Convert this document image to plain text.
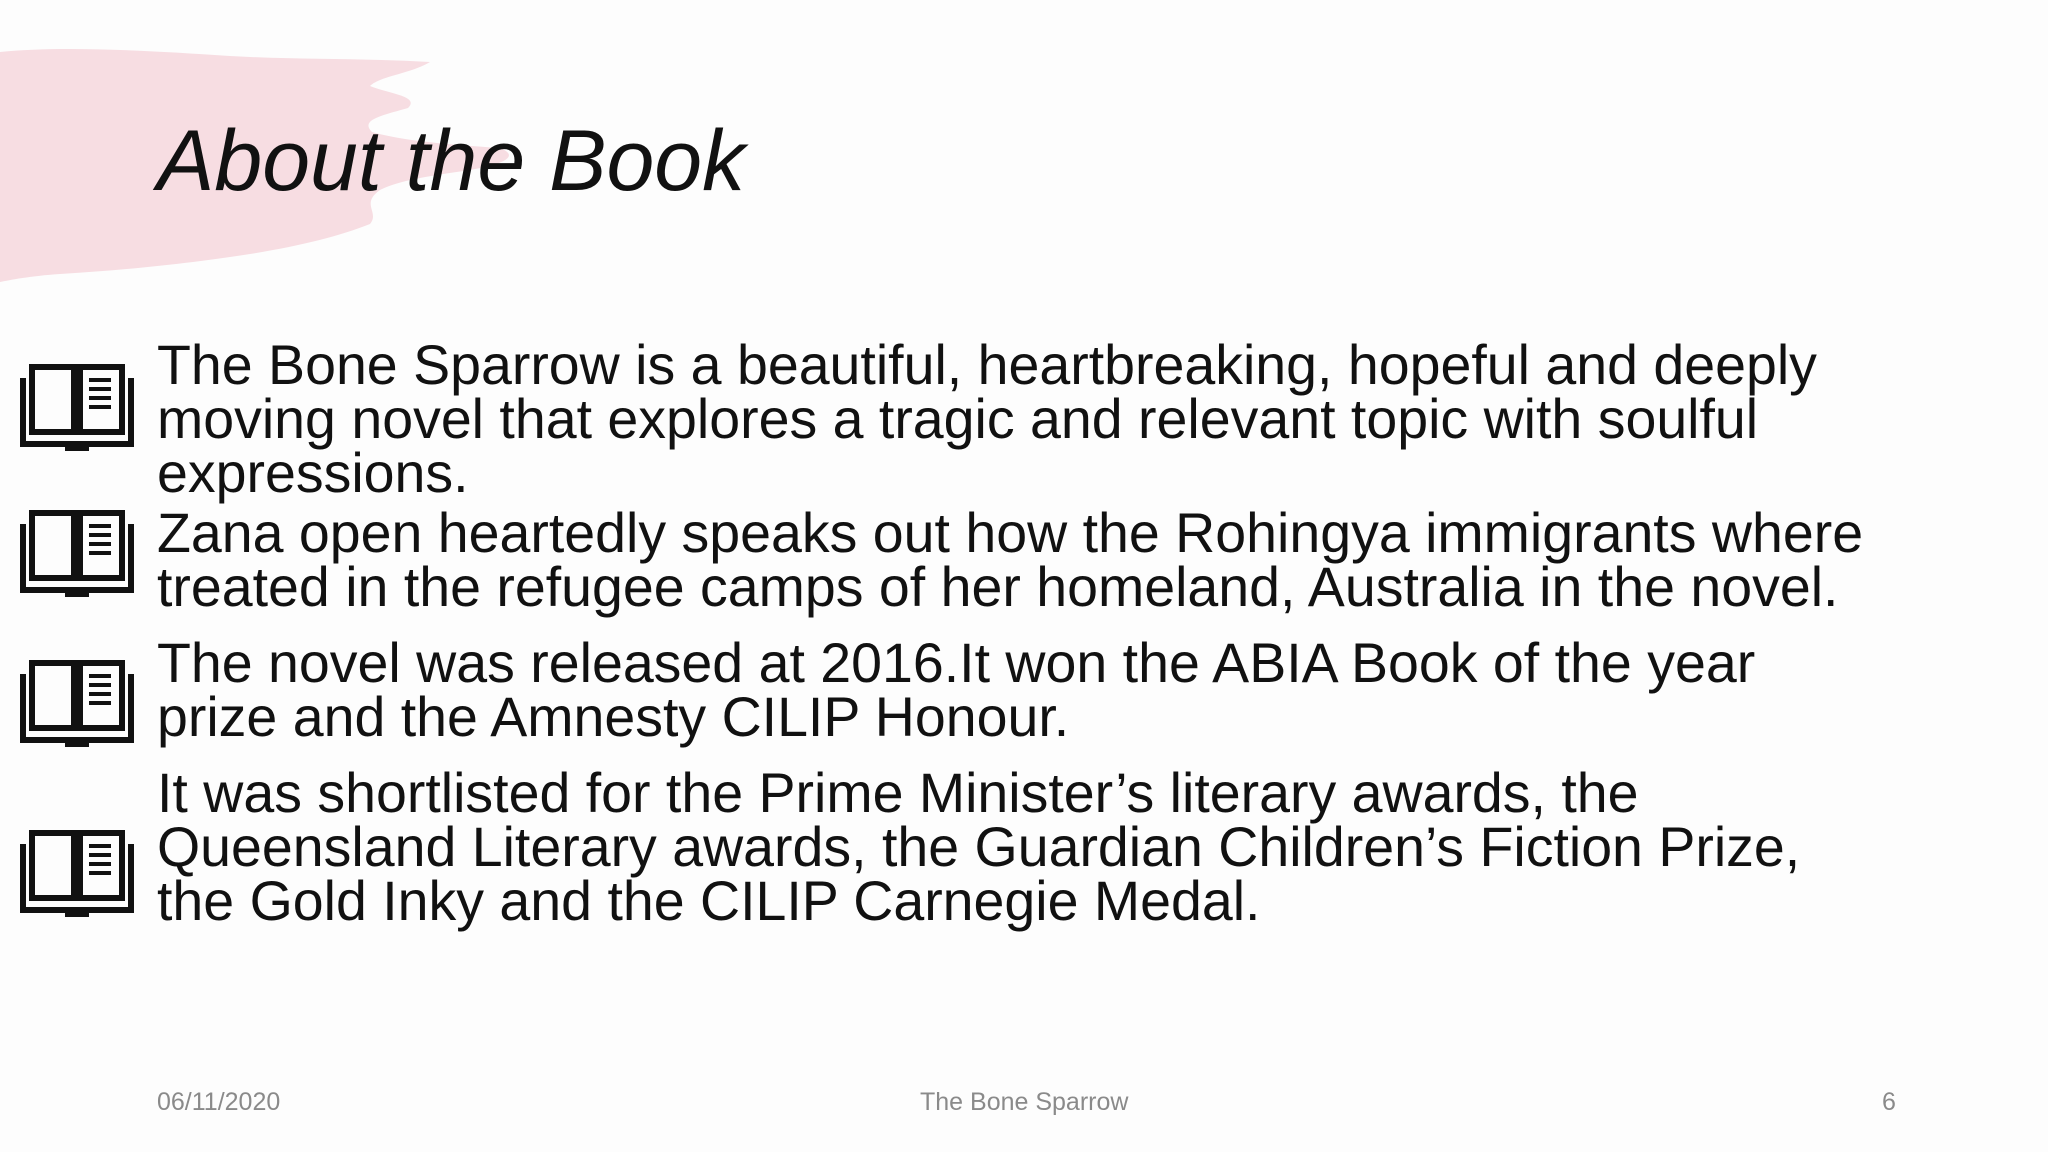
About the Book
The Bone Sparrow is a beautiful, heartbreaking, hopeful and deeply
moving novel that explores a tragic and relevant topic with soulful
expressions.
Zana open heartedly speaks out how the Rohingya immigrants where
treated in the refugee camps of her homeland, Australia in the novel.
The novel was released at 2016.It won the ABIA Book of the year
prize and the Amnesty CILIP Honour.
It was shortlisted for the Prime Minister’s literary awards, the
Queensland Literary awards, the Guardian Children’s Fiction Prize,
the Gold Inky and the CILIP Carnegie Medal.
06/11/2020	The Bone Sparrow	6
